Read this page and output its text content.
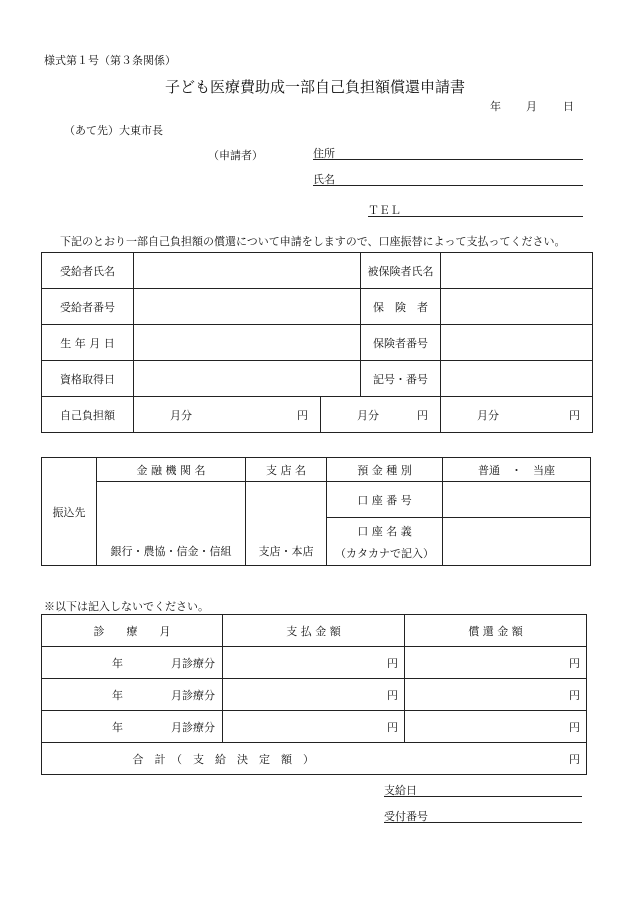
様式第１号（第３条関係）
子ども医療費助成一部自己負担額償還申請書
年 月 日
（あて先）大東市長
（申請者）	住所
氏名
ＴＥＬ
下記のとおり一部自己負担額の償還について申請をしますので、口座振替によって支払ってください。
受給者氏名			被保険者氏名	
受給者番号			保　険　者	
生 年 月 日			保険者番号	
資格取得日			記号・番号	
自己負担額	月分 円	月分 円		月分 円
振込先	金 融 機 関 名	支 店 名	預 金 種 別	普通　・　当座
	銀行・農協・信金・信組	支店・本店	口 座 番 号	

			口 座 名 義
（カタカナで記入）	

※以下は記入しないでください。
診　　療　　月	支 払 金 額	償 還 金 額

年 月診療分	円	円

年 月診療分	円	円

年 月診療分	円	円
合　計　（　支　給　決　定　額　）		円
支給日
受付番号
